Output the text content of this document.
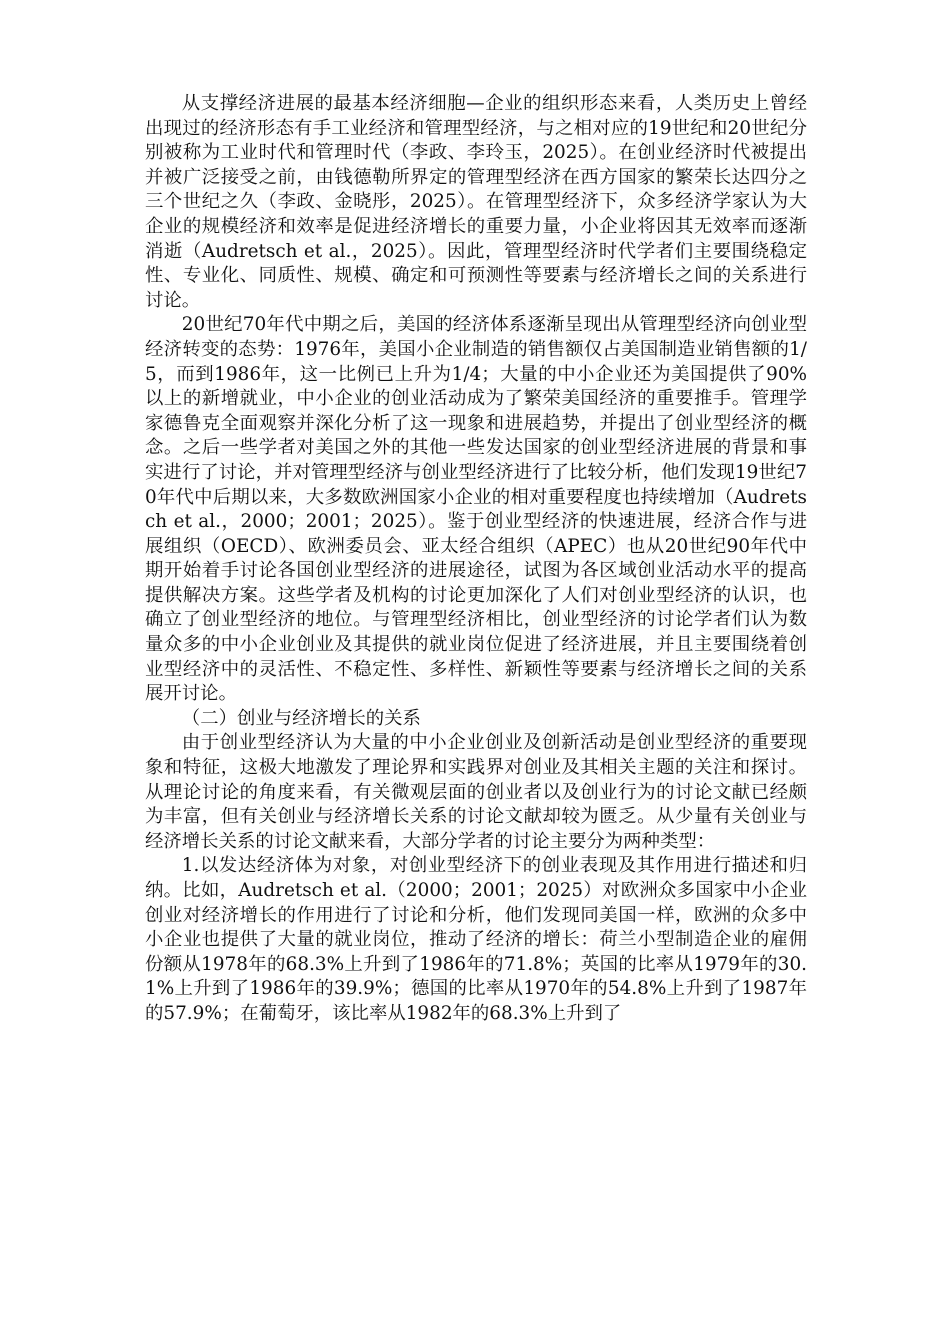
从支撑经济进展的最基本经济细胞—企业的组织形态来看，人类历史上曾经出现过的经济形态有手工业经济和管理型经济，与之相对应的19世纪和20世纪分别被称为工业时代和管理时代（李政、李玲玉，2025）。在创业经济时代被提出并被广泛接受之前，由钱德勒所界定的管理型经济在西方国家的繁荣长达四分之三个世纪之久（李政、金晓彤，2025）。在管理型经济下，众多经济学家认为大企业的规模经济和效率是促进经济增长的重要力量，小企业将因其无效率而逐渐消逝（Audretsch et al.，2025）。因此，管理型经济时代学者们主要围绕稳定性、专业化、同质性、规模、确定和可预测性等要素与经济增长之间的关系进行讨论。

20世纪70年代中期之后，美国的经济体系逐渐呈现出从管理型经济向创业型经济转变的态势：1976年，美国小企业制造的销售额仅占美国制造业销售额的1/5，而到1986年，这一比例已上升为1/4；大量的中小企业还为美国提供了90%以上的新增就业，中小企业的创业活动成为了繁荣美国经济的重要推手。管理学家德鲁克全面观察并深化分析了这一现象和进展趋势，并提出了创业型经济的概念。之后一些学者对美国之外的其他一些发达国家的创业型经济进展的背景和事实进行了讨论，并对管理型经济与创业型经济进行了比较分析，他们发现19世纪70年代中后期以来，大多数欧洲国家小企业的相对重要程度也持续增加（Audretsch et al.，2000；2001；2025）。鉴于创业型经济的快速进展，经济合作与进展组织（OECD）、欧洲委员会、亚太经合组织（APEC）也从20世纪90年代中期开始着手讨论各国创业型经济的进展途径，试图为各区域创业活动水平的提高提供解决方案。这些学者及机构的讨论更加深化了人们对创业型经济的认识，也确立了创业型经济的地位。与管理型经济相比，创业型经济的讨论学者们认为数量众多的中小企业创业及其提供的就业岗位促进了经济进展，并且主要围绕着创业型经济中的灵活性、不稳定性、多样性、新颖性等要素与经济增长之间的关系展开讨论。

（二）创业与经济增长的关系

由于创业型经济认为大量的中小企业创业及创新活动是创业型经济的重要现象和特征，这极大地激发了理论界和实践界对创业及其相关主题的关注和探讨。从理论讨论的角度来看，有关微观层面的创业者以及创业行为的讨论文献已经颇为丰富，但有关创业与经济增长关系的讨论文献却较为匮乏。从少量有关创业与经济增长关系的讨论文献来看，大部分学者的讨论主要分为两种类型：

1.以发达经济体为对象，对创业型经济下的创业表现及其作用进行描述和归纳。比如，Audretsch et al.（2000；2001；2025）对欧洲众多国家中小企业创业对经济增长的作用进行了讨论和分析，他们发现同美国一样，欧洲的众多中小企业也提供了大量的就业岗位，推动了经济的增长：荷兰小型制造企业的雇佣份额从1978年的68.3%上升到了1986年的71.8%；英国的比率从1979年的30.1%上升到了1986年的39.9%；德国的比率从1970年的54.8%上升到了1987年的57.9%；在葡萄牙，该比率从1982年的68.3%上升到了
